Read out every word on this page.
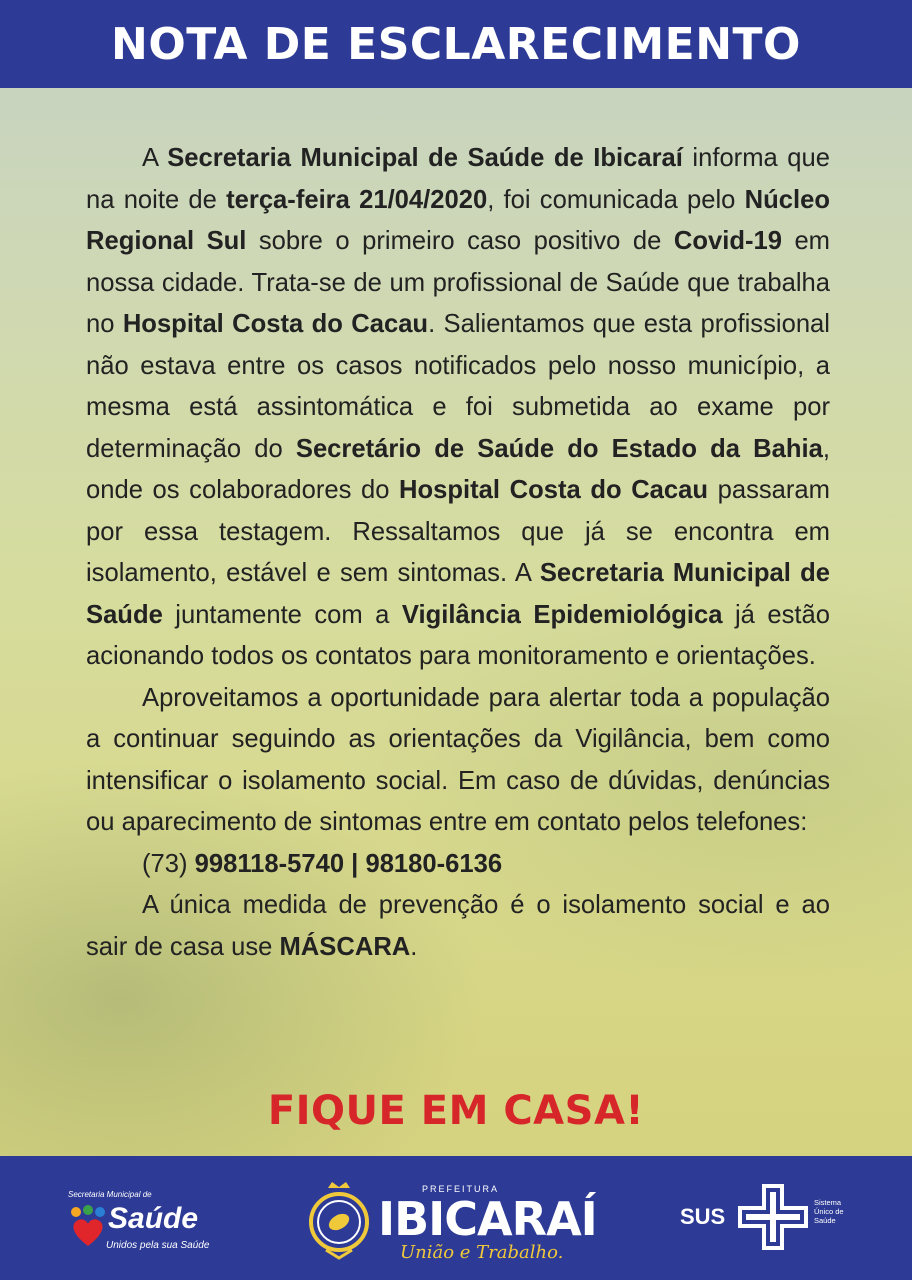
NOTA DE ESCLARECIMENTO

A Secretaria Municipal de Saúde de Ibicaraí informa que na noite de terça-feira 21/04/2020, foi comunicada pelo Núcleo Regional Sul sobre o primeiro caso positivo de Covid-19 em nossa cidade. Trata-se de um profissional de Saúde que trabalha no Hospital Costa do Cacau. Salientamos que esta profissional não estava entre os casos notificados pelo nosso município, a mesma está assintomática e foi submetida ao exame por determinação do Secretário de Saúde do Estado da Bahia, onde os colaboradores do Hospital Costa do Cacau passaram por essa testagem. Ressaltamos que já se encontra em isolamento, estável e sem sintomas. A Secretaria Municipal de Saúde juntamente com a Vigilância Epidemiológica já estão acionando todos os contatos para monitoramento e orientações.

Aproveitamos a oportunidade para alertar toda a população a continuar seguindo as orientações da Vigilância, bem como intensificar o isolamento social. Em caso de dúvidas, denúncias ou aparecimento de sintomas entre em contato pelos telefones:

(73) 998118-5740 | 98180-6136

A única medida de prevenção é o isolamento social e ao sair de casa use MÁSCARA.

FIQUE EM CASA!
Secretaria Municipal de
Saúde
Unidos pela sua Saúde
PREFEITURA
IBICARAÍ
União e Trabalho.
SUS
Sistema Único de Saúde
